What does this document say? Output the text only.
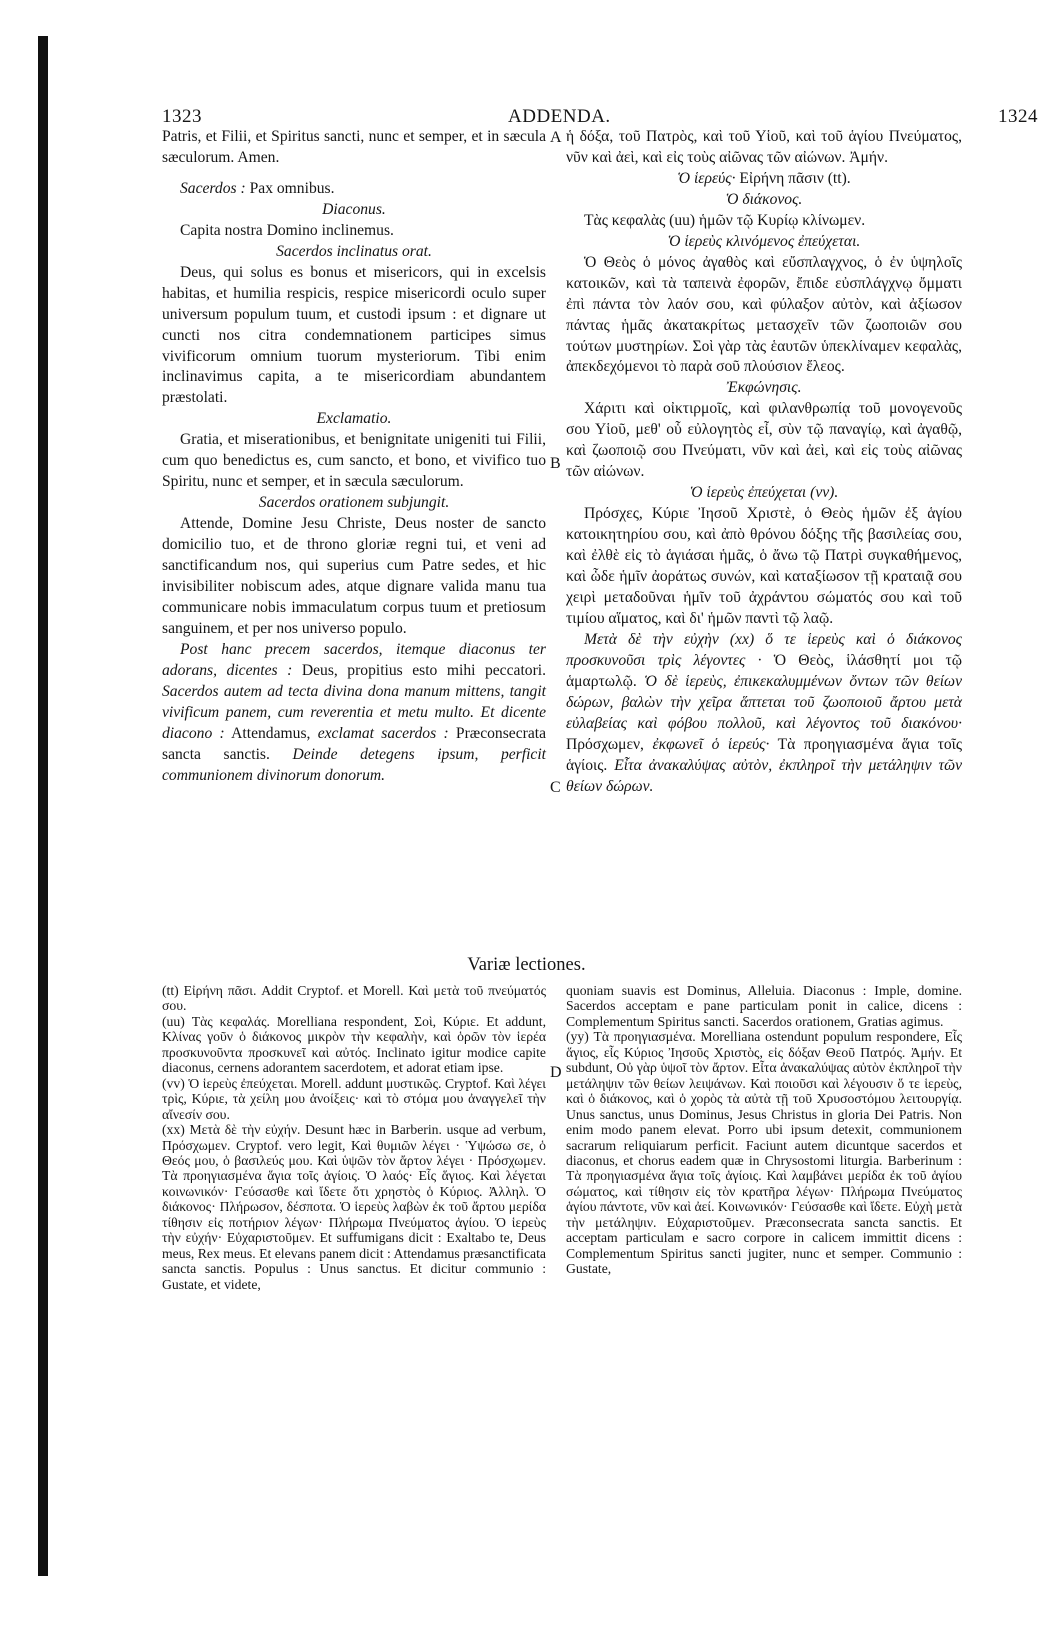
1323	ADDENDA.	1324
A
B
C
D

Patris, et Filii, et Spiritus sancti, nunc et semper, et in sæcula sæculorum. Amen.

Sacerdos : Pax omnibus.

Diaconus.

Capita nostra Domino inclinemus.

Sacerdos inclinatus orat.

Deus, qui solus es bonus et misericors, qui in excelsis habitas, et humilia respicis, respice misericordi oculo super universum populum tuum, et custodi ipsum : et dignare ut cuncti nos citra condemnationem participes simus vivificorum omnium tuorum mysteriorum. Tibi enim inclinavimus capita, a te misericordiam abundantem præstolati.

Exclamatio.

Gratia, et miserationibus, et benignitate unigeniti tui Filii, cum quo benedictus es, cum sancto, et bono, et vivifico tuo Spiritu, nunc et semper, et in sæcula sæculorum.

Sacerdos orationem subjungit.

Attende, Domine Jesu Christe, Deus noster de sancto domicilio tuo, et de throno gloriæ regni tui, et veni ad sanctificandum nos, qui superius cum Patre sedes, et hic invisibiliter nobiscum ades, atque dignare valida manu tua communicare nobis immaculatum corpus tuum et pretiosum sanguinem, et per nos universo populo.

Post hanc precem sacerdos, itemque diaconus ter adorans, dicentes : Deus, propitius esto mihi peccatori. Sacerdos autem ad tecta divina dona manum mittens, tangit vivificum panem, cum reverentia et metu multo. Et dicente diacono : Attendamus, exclamat sacerdos : Præconsecrata sancta sanctis. Deinde detegens ipsum, perficit communionem divinorum donorum.

ἡ δόξα, τοῦ Πατρὸς, καὶ τοῦ Υἱοῦ, καὶ τοῦ ἁγίου Πνεύματος, νῦν καὶ ἀεὶ, καὶ εἰς τοὺς αἰῶνας τῶν αἰώνων. Ἀμήν.

Ὁ ἱερεύς· Εἰρήνη πᾶσιν (tt).

Ὁ διάκονος.

Τὰς κεφαλὰς (uu) ἡμῶν τῷ Κυρίῳ κλίνωμεν.

Ὁ ἱερεὺς κλινόμενος ἐπεύχεται.

Ὁ Θεὸς ὁ μόνος ἀγαθὸς καὶ εὔσπλαγχνος, ὁ ἐν ὑψηλοῖς κατοικῶν, καὶ τὰ ταπεινὰ ἐφορῶν, ἔπιδε εὐσπλάγχνῳ ὄμματι ἐπὶ πάντα τὸν λαόν σου, καὶ φύλαξον αὐτὸν, καὶ ἀξίωσον πάντας ἡμᾶς ἀκατακρίτως μετασχεῖν τῶν ζωοποιῶν σου τούτων μυστηρίων. Σοὶ γὰρ τὰς ἑαυτῶν ὑπεκλίναμεν κεφαλὰς, ἀπεκδεχόμενοι τὸ παρὰ σοῦ πλούσιον ἔλεος.

Ἐκφώνησις.

Χάριτι καὶ οἰκτιρμοῖς, καὶ φιλανθρωπίᾳ τοῦ μονογενοῦς σου Υἱοῦ, μεθ' οὗ εὐλογητὸς εἶ, σὺν τῷ παναγίῳ, καὶ ἀγαθῷ, καὶ ζωοποιῷ σου Πνεύματι, νῦν καὶ ἀεὶ, καὶ εἰς τοὺς αἰῶνας τῶν αἰώνων.

Ὁ ἱερεὺς ἐπεύχεται (vv).

Πρόσχες, Κύριε Ἰησοῦ Χριστὲ, ὁ Θεὸς ἡμῶν ἐξ ἁγίου κατοικητηρίου σου, καὶ ἀπὸ θρόνου δόξης τῆς βασιλείας σου, καὶ ἐλθὲ εἰς τὸ ἁγιάσαι ἡμᾶς, ὁ ἄνω τῷ Πατρὶ συγκαθήμενος, καὶ ὧδε ἡμῖν ἀοράτως συνών, καὶ καταξίωσον τῇ κραταιᾷ σου χειρὶ μεταδοῦναι ἡμῖν τοῦ ἀχράντου σώματός σου καὶ τοῦ τιμίου αἵματος, καὶ δι' ἡμῶν παντὶ τῷ λαῷ.

Μετὰ δὲ τὴν εὐχὴν (xx) ὅ τε ἱερεὺς καὶ ὁ διάκονος προσκυνοῦσι τρὶς λέγοντες · Ὁ Θεὸς, ἱλάσθητί μοι τῷ ἁμαρτωλῷ. Ὁ δὲ ἱερεὺς, ἐπικεκαλυμμένων ὄντων τῶν θείων δώρων, βαλὼν τὴν χεῖρα ἅπτεται τοῦ ζωοποιοῦ ἄρτου μετὰ εὐλαβείας καὶ φόβου πολλοῦ, καὶ λέγοντος τοῦ διακόνου· Πρόσχωμεν, ἐκφωνεῖ ὁ ἱερεύς· Τὰ προηγιασμένα ἅγια τοῖς ἁγίοις. Εἶτα ἀνακαλύψας αὐτὸν, ἐκπληροῖ τὴν μετάληψιν τῶν θείων δώρων.

Variæ lectiones.

(tt) Εἰρήνη πᾶσι. Addit Cryptof. et Morell. Καὶ μετὰ τοῦ πνεύματός σου.

(uu) Τὰς κεφαλάς. Morelliana respondent, Σοὶ, Κύριε. Et addunt, Κλίνας γοῦν ὁ διάκονος μικρὸν τὴν κεφαλὴν, καὶ ὁρῶν τὸν ἱερέα προσκυνοῦντα προσκυνεῖ καὶ αὐτός. Inclinato igitur modice capite diaconus, cernens adorantem sacerdotem, et adorat etiam ipse.

(vv) Ὁ ἱερεὺς ἐπεύχεται. Morell. addunt μυστικῶς. Cryptof. Καὶ λέγει τρὶς, Κύριε, τὰ χείλη μου ἀνοίξεις· καὶ τὸ στόμα μου ἀναγγελεῖ τὴν αἴνεσίν σου.

(xx) Μετὰ δὲ τὴν εὐχήν. Desunt hæc in Barberin. usque ad verbum, Πρόσχωμεν. Cryptof. vero legit, Καὶ θυμιῶν λέγει · Ὑψώσω σε, ὁ Θεός μου, ὁ βασιλεύς μου. Καὶ ὑψῶν τὸν ἄρτον λέγει · Πρόσχωμεν. Τὰ προηγιασμένα ἅγια τοῖς ἁγίοις. Ὁ λαός· Εἷς ἅγιος. Καὶ λέγεται κοινωνικόν· Γεύσασθε καὶ ἴδετε ὅτι χρηστὸς ὁ Κύριος. Ἀλληλ. Ὁ διάκονος· Πλήρωσον, δέσποτα. Ὁ ἱερεὺς λαβὼν ἐκ τοῦ ἄρτου μερίδα τίθησιν εἰς ποτήριον λέγων· Πλήρωμα Πνεύματος ἁγίου. Ὁ ἱερεὺς τὴν εὐχήν· Εὐχαριστοῦμεν. Et suffumigans dicit : Exaltabo te, Deus meus, Rex meus. Et elevans panem dicit : Attendamus præsanctificata sancta sanctis. Populus : Unus sanctus. Et dicitur communio : Gustate, et videte,

quoniam suavis est Dominus, Alleluia. Diaconus : Imple, domine. Sacerdos acceptam e pane particulam ponit in calice, dicens : Complementum Spiritus sancti. Sacerdos orationem, Gratias agimus.

(yy) Τὰ προηγιασμένα. Morelliana ostendunt populum respondere, Εἷς ἅγιος, εἷς Κύριος Ἰησοῦς Χριστὸς, εἰς δόξαν Θεοῦ Πατρός. Ἀμήν. Et subdunt, Οὐ γὰρ ὑψοῖ τὸν ἄρτον. Εἶτα ἀνακαλύψας αὐτὸν ἐκπληροῖ τὴν μετάληψιν τῶν θείων λειψάνων. Καὶ ποιοῦσι καὶ λέγουσιν ὅ τε ἱερεὺς, καὶ ὁ διάκονος, καὶ ὁ χορὸς τὰ αὐτὰ τῇ τοῦ Χρυσοστόμου λειτουργίᾳ. Unus sanctus, unus Dominus, Jesus Christus in gloria Dei Patris. Non enim modo panem elevat. Porro ubi ipsum detexit, communionem sacrarum reliquiarum perficit. Faciunt autem dicuntque sacerdos et diaconus, et chorus eadem quæ in Chrysostomi liturgia. Barberinum : Τὰ προηγιασμένα ἅγια τοῖς ἁγίοις. Καὶ λαμβάνει μερίδα ἐκ τοῦ ἁγίου σώματος, καὶ τίθησιν εἰς τὸν κρατῆρα λέγων· Πλήρωμα Πνεύματος ἁγίου πάντοτε, νῦν καὶ ἀεί. Κοινωνικόν· Γεύσασθε καὶ ἴδετε. Εὐχὴ μετὰ τὴν μετάληψιν. Εὐχαριστοῦμεν. Præconsecrata sancta sanctis. Et acceptam particulam e sacro corpore in calicem immittit dicens : Complementum Spiritus sancti jugiter, nunc et semper. Communio : Gustate,
